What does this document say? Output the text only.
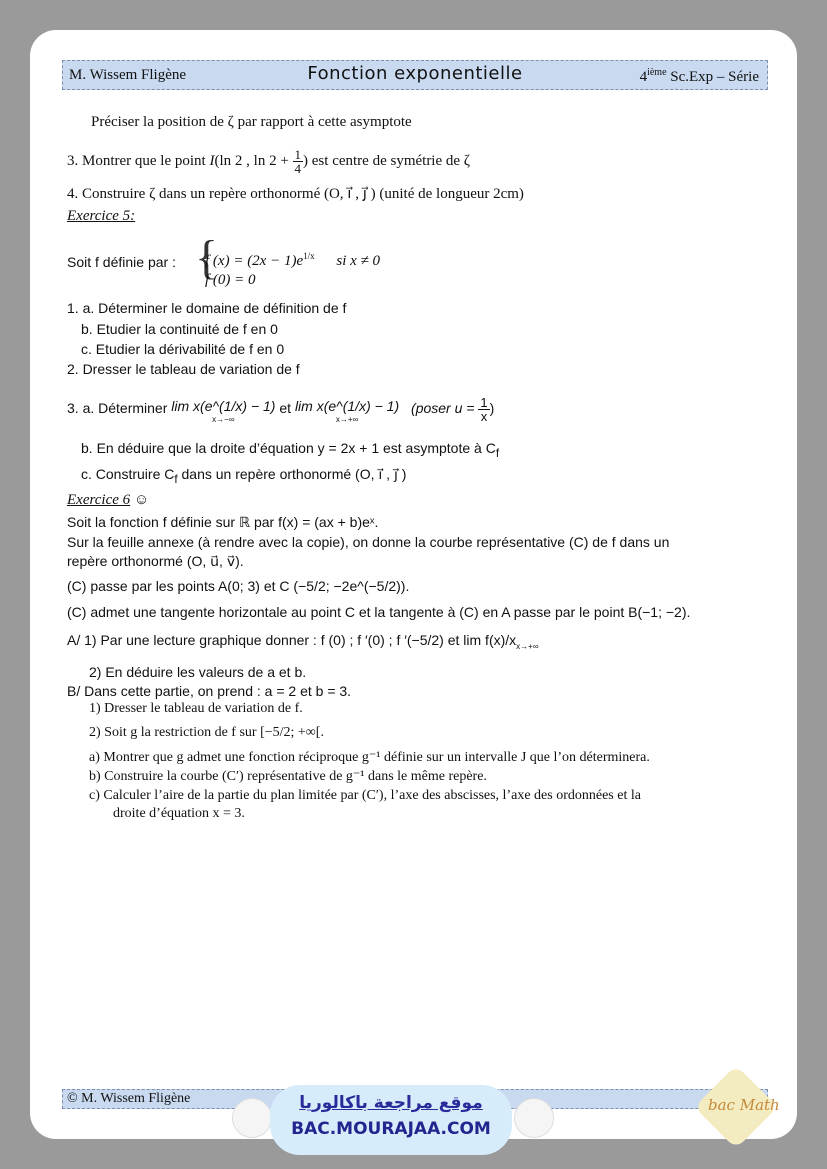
M. Wissem Fligène	Fonction exponentielle	4ième Sc.Exp – Série
Préciser la position de ζ par rapport à cette asymptote
3. Montrer que le point I(ln 2 , $\ln 2 + \frac{1}{4}$ ) est centre de symétrie de ζ
4. Construire ζ dans un repère orthonormé (O, i⃗ , j⃗ ) (unité de longueur 2cm)
Exercice 5:
Soit f définie par : {
f $(x) = (2x - 1)e^{1/x}$ si x ≠ 0
f (0) = 0
1. a. Déterminer le domaine de définition de f
b. Etudier la continuité de f en 0
c. Etudier la dérivabilité de f en 0
2. Dresser le tableau de variation de f
3. a. Déterminer lim x(e^(1/x) − 1)
x→−∞
et lim x(e^(1/x) − 1)
x→+∞
(poser $u = \frac{1}{x}$ )
b. En déduire que la droite d’équation y = 2x + 1 est asymptote à $C_f$
c. Construire $C_f$ dans un repère orthonormé (O, i⃗ , j⃗ )
Exercice 6 ☺
Soit la fonction f définie sur ℝ par f(x) = (ax + b)eˣ.
Sur la feuille annexe (à rendre avec la copie), on donne la courbe représentative (C) de f dans un
repère orthonormé (O, u⃗, v⃗).
(C) passe par les points A(0; 3) et C (−5/2; −2e^(−5/2)).
(C) admet une tangente horizontale au point C et la tangente à (C) en A passe par le point B(−1; −2).
A/ 1) Par une lecture graphique donner : f (0) ; f ′(0) ; f ′(−5/2) et $\lim f(x)/x_{x\to+\infty}$
2) En déduire les valeurs de a et b.
B/ Dans cette partie, on prend : a = 2 et b = 3.
1) Dresser le tableau de variation de f.
2) Soit g la restriction de f sur [−5/2; +∞[.
a) Montrer que g admet une fonction réciproque g⁻¹ définie sur un intervalle J que l’on déterminera.
b) Construire la courbe (C′) représentative de g⁻¹ dans le même repère.
c) Calculer l’aire de la partie du plan limitée par (C′), l’axe des abscisses, l’axe des ordonnées et la
droite d’équation x = 3.
© M. Wissem Fligène	موقع مراجعة باكالوريا
BAC.MOURAJAA.COM
bac Math
